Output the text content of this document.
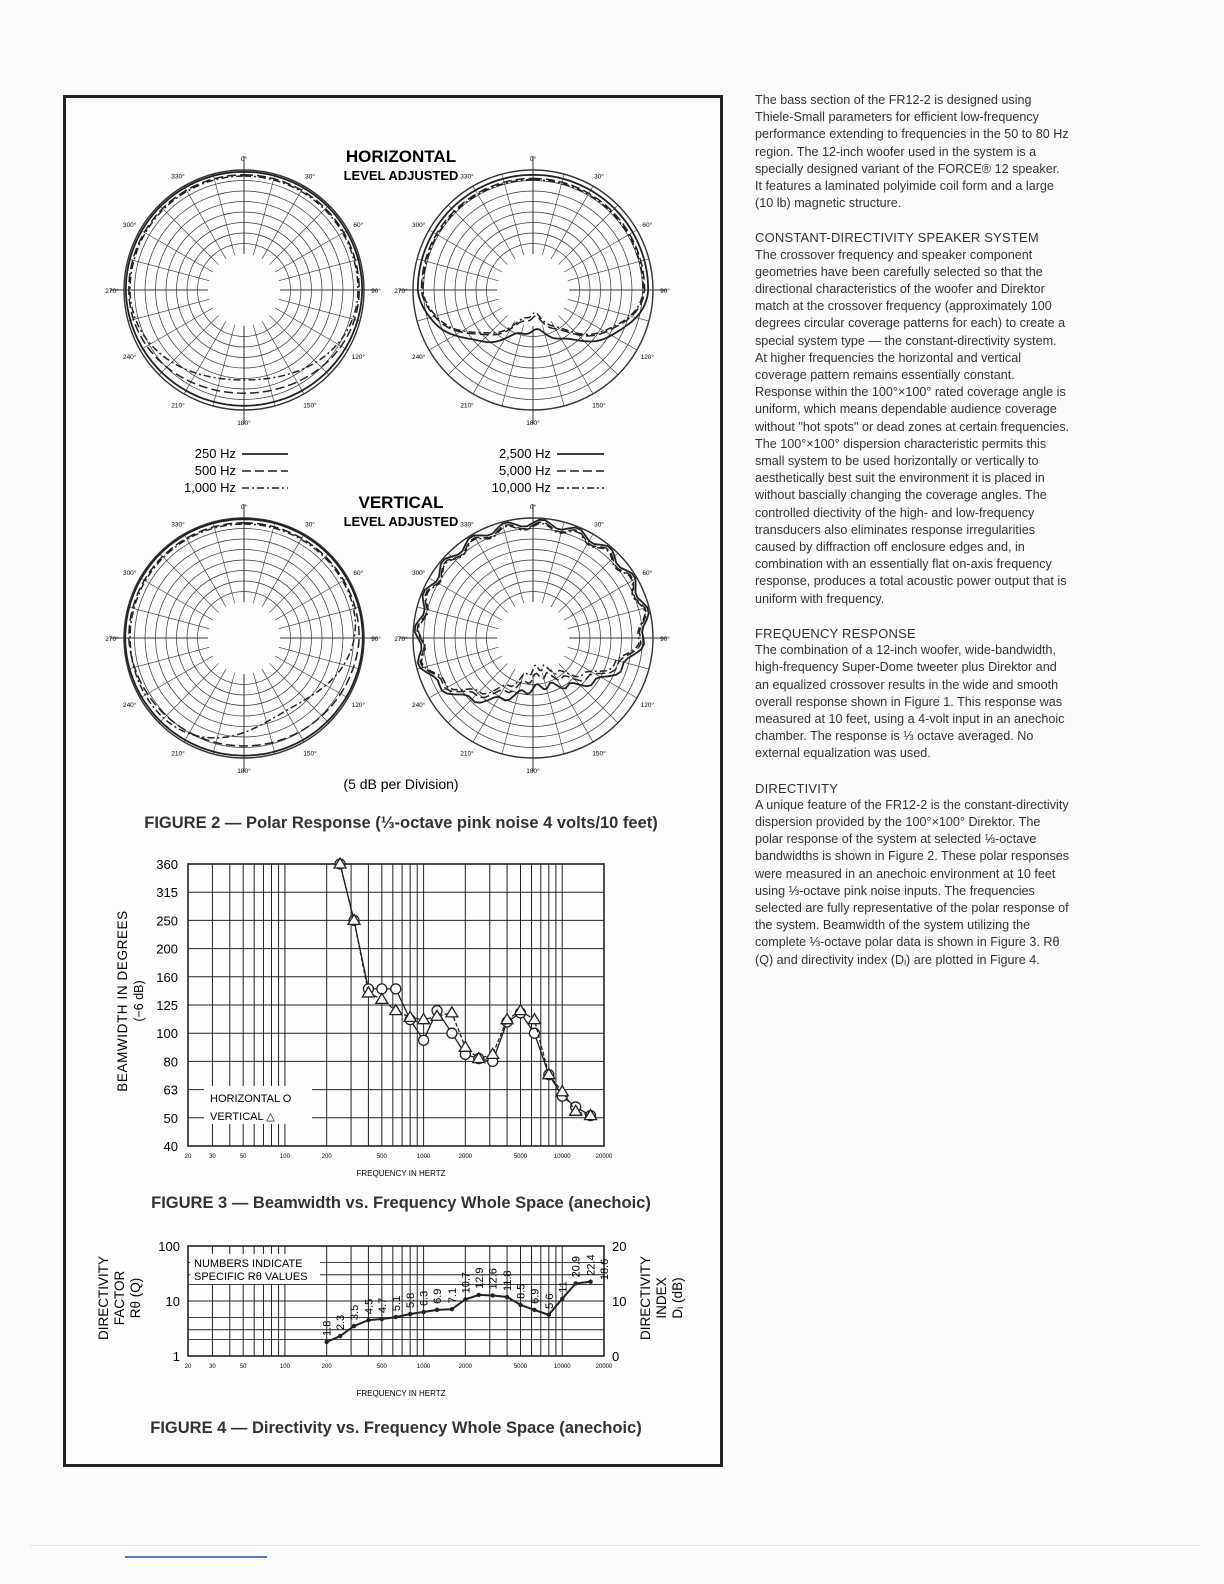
HORIZONTAL
LEVEL ADJUSTED
VERTICAL
LEVEL ADJUSTED
0°
30°
60°
90°
120°
150°
180°
210°
240°
270°
300°
330°
0°
30°
60°
90°
120°
150°
180°
210°
240°
270°
300°
330°
0°
30°
60°
90°
120°
150°
180°
210°
240°
270°
300°
330°
0°
30°
60°
90°
120°
150°
180°
210°
240°
270°
300°
330°
250 Hz
500 Hz
1,000 Hz
2,500 Hz
5,000 Hz
10,000 Hz
(5 dB per Division)
FIGURE 2 — Polar Response (⅓-octave pink noise 4 volts/10 feet)
360
315
250
200
160
125
100
80
63
50
40
20	30	50	100	200	500	1000	2000	5000	10000	20000
HORIZONTAL O
VERTICAL △
BEAMWIDTH IN DEGREES (−6 dB)
FREQUENCY IN HERTZ
FIGURE 3 — Beamwidth vs. Frequency Whole Space (anechoic)
1
10
100
0
10
20
20	30	50	100	200	500	1000	2000	5000	10000	20000
NUMBERS INDICATE
SPECIFIC Rθ VALUES
1.8 2.3
3.5 4.5 4.7 5.1 5.8 6.3 6.9 7.1
10.7 12.9 12.6 11.8
8.5 6.9 5.6
11
20.9 22.4 18.6
DIRECTIVITY FACTOR Rθ (Q)	DIRECTIVITY INDEX Dᵢ (dB)
FREQUENCY IN HERTZ
FIGURE 4 — Directivity vs. Frequency Whole Space (anechoic)

The bass section of the FR12-2 is designed using Thiele-Small parameters for efficient low-frequency performance extending to frequencies in the 50 to 80 Hz region. The 12-inch woofer used in the system is a specially designed variant of the FORCE® 12 speaker. It features a laminated polyimide coil form and a large (10 lb) magnetic structure.

CONSTANT-DIRECTIVITY SPEAKER SYSTEM

The crossover frequency and speaker component geometries have been carefully selected so that the directional characteristics of the woofer and Direktor match at the crossover frequency (approximately 100 degrees circular coverage patterns for each) to create a special system type — the constant-directivity system. At higher frequencies the horizontal and vertical coverage pattern remains essentially constant. Response within the 100°×100° rated coverage angle is uniform, which means dependable audience coverage without "hot spots" or dead zones at certain frequencies. The 100°×100° dispersion characteristic permits this small system to be used horizontally or vertically to aesthetically best suit the environment it is placed in without bascially changing the coverage angles. The controlled diectivity of the high- and low-frequency transducers also eliminates response irregularities caused by diffraction off enclosure edges and, in combination with an essentially flat on-axis frequency response, produces a total acoustic power output that is uniform with frequency.

FREQUENCY RESPONSE

The combination of a 12-inch woofer, wide-bandwidth, high-frequency Super-Dome tweeter plus Direktor and an equalized crossover results in the wide and smooth overall response shown in Figure 1. This response was measured at 10 feet, using a 4-volt input in an anechoic chamber. The response is ⅓ octave averaged. No external equalization was used.

DIRECTIVITY

A unique feature of the FR12-2 is the constant-directivity dispersion provided by the 100°×100° Direktor. The polar response of the system at selected ⅓-octave bandwidths is shown in Figure 2. These polar responses were measured in an anechoic environment at 10 feet using ⅓-octave pink noise inputs. The frequencies selected are fully representative of the polar response of the system. Beamwidth of the system utilizing the complete ⅓-octave polar data is shown in Figure 3. Rθ (Q) and directivity index (Dᵢ) are plotted in Figure 4.
